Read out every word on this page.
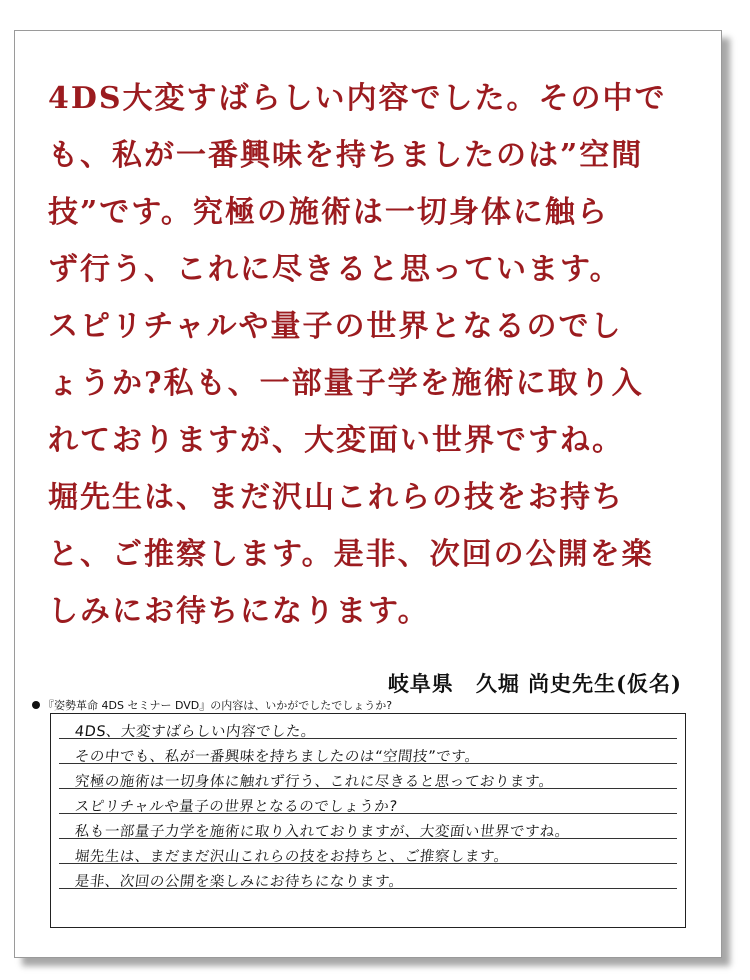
4DS大変すばらしい内容でした。その中で
も、私が一番興味を持ちましたのは”空間
技”です。究極の施術は一切身体に触ら
ず行う、これに尽きると思っています。
スピリチャルや量子の世界となるのでし
ょうか?私も、一部量子学を施術に取り入
れておりますが、大変面い世界ですね。
堀先生は、まだ沢山これらの技をお持ち
と、ご推察します。是非、次回の公開を楽
しみにお待ちになります。
岐阜県 久堀 尚史先生(仮名)
『姿勢革命 4DS セミナー DVD』の内容は、いかがでしたでしょうか?
4DS、大変すばらしい内容でした。
その中でも、私が一番興味を持ちましたのは“空間技”です。
究極の施術は一切身体に触れず行う、これに尽きると思っております。
スピリチャルや量子の世界となるのでしょうか?
私も一部量子力学を施術に取り入れておりますが、大変面い世界ですね。
堀先生は、まだまだ沢山これらの技をお持ちと、ご推察します。
是非、次回の公開を楽しみにお待ちになります。
